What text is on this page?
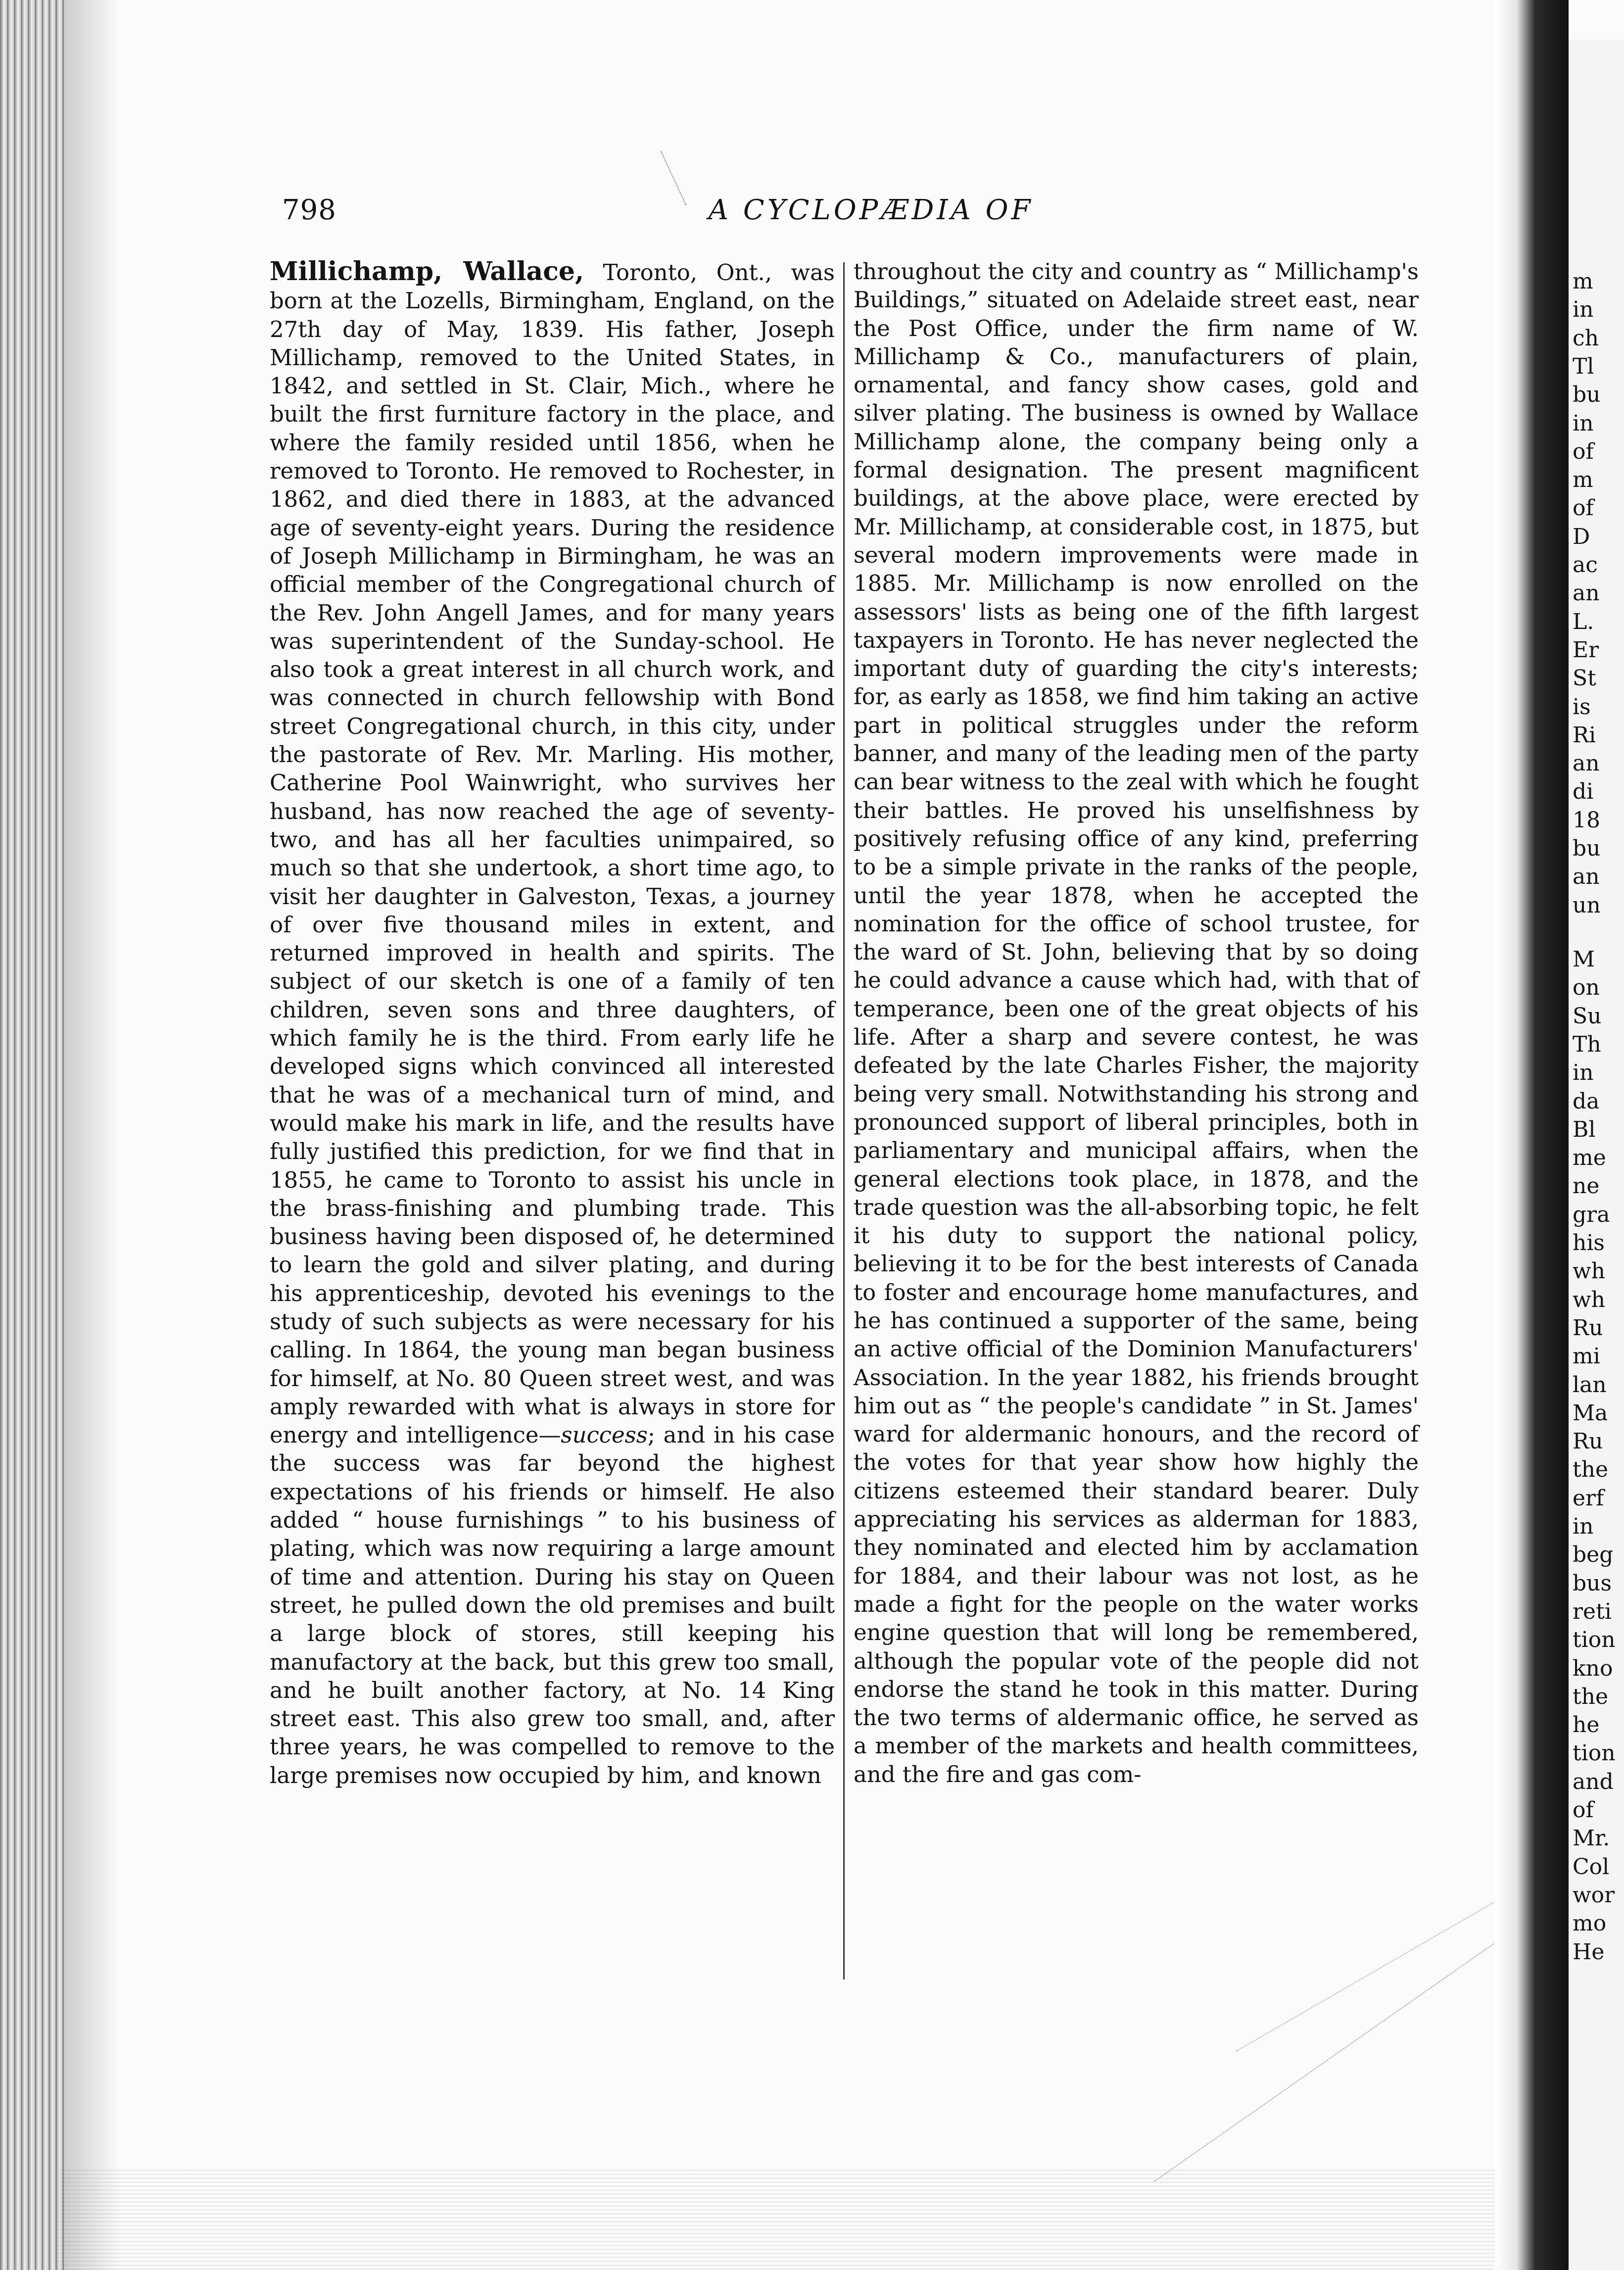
798	A CYCLOPÆDIA OF

Millichamp, Wallace, Toronto, Ont., was born at the Lozells, Birmingham, England, on the 27th day of May, 1839. His father, Joseph Millichamp, removed to the United States, in 1842, and settled in St. Clair, Mich., where he built the first furniture factory in the place, and where the family resided until 1856, when he removed to Toronto. He removed to Rochester, in 1862, and died there in 1883, at the advanced age of seventy-eight years. During the residence of Joseph Millichamp in Birmingham, he was an official member of the Congregational church of the Rev. John Angell James, and for many years was superintendent of the Sunday-school. He also took a great interest in all church work, and was connected in church fellowship with Bond street Congregational church, in this city, under the pastorate of Rev. Mr. Marling. His mother, Catherine Pool Wainwright, who survives her husband, has now reached the age of seventy-two, and has all her faculties unimpaired, so much so that she undertook, a short time ago, to visit her daughter in Galveston, Texas, a journey of over five thousand miles in extent, and returned improved in health and spirits. The subject of our sketch is one of a family of ten children, seven sons and three daughters, of which family he is the third. From early life he developed signs which convinced all interested that he was of a mechanical turn of mind, and would make his mark in life, and the results have fully justified this prediction, for we find that in 1855, he came to Toronto to assist his uncle in the brass-finishing and plumbing trade. This business having been disposed of, he determined to learn the gold and silver plating, and during his apprenticeship, devoted his evenings to the study of such subjects as were necessary for his calling. In 1864, the young man began business for himself, at No. 80 Queen street west, and was amply rewarded with what is always in store for energy and intelligence—success; and in his case the success was far beyond the highest expectations of his friends or himself. He also added “ house furnishings ” to his business of plating, which was now requiring a large amount of time and attention. During his stay on Queen street, he pulled down the old premises and built a large block of stores, still keeping his manufactory at the back, but this grew too small, and he built another factory, at No. 14 King street east. This also grew too small, and, after three years, he was compelled to remove to the large premises now occupied by him, and known

throughout the city and country as “ Millichamp's Buildings,” situated on Adelaide street east, near the Post Office, under the firm name of W. Millichamp & Co., manufacturers of plain, ornamental, and fancy show cases, gold and silver plating. The business is owned by Wallace Millichamp alone, the company being only a formal designation. The present magnificent buildings, at the above place, were erected by Mr. Millichamp, at considerable cost, in 1875, but several modern improvements were made in 1885. Mr. Millichamp is now enrolled on the assessors' lists as being one of the fifth largest taxpayers in Toronto. He has never neglected the important duty of guarding the city's interests; for, as early as 1858, we find him taking an active part in political struggles under the reform banner, and many of the leading men of the party can bear witness to the zeal with which he fought their battles. He proved his unselfishness by positively refusing office of any kind, preferring to be a simple private in the ranks of the people, until the year 1878, when he accepted the nomination for the office of school trustee, for the ward of St. John, believing that by so doing he could advance a cause which had, with that of temperance, been one of the great objects of his life. After a sharp and severe contest, he was defeated by the late Charles Fisher, the majority being very small. Notwithstanding his strong and pronounced support of liberal principles, both in parliamentary and municipal affairs, when the general elections took place, in 1878, and the trade question was the all-absorbing topic, he felt it his duty to support the national policy, believing it to be for the best interests of Canada to foster and encourage home manufactures, and he has continued a supporter of the same, being an active official of the Dominion Manufacturers' Association. In the year 1882, his friends brought him out as “ the people's candidate ” in St. James' ward for aldermanic honours, and the record of the votes for that year show how highly the citizens esteemed their standard bearer. Duly appreciating his services as alderman for 1883, they nominated and elected him by acclamation for 1884, and their labour was not lost, as he made a fight for the people on the water works engine question that will long be remembered, although the popular vote of the people did not endorse the stand he took in this matter. During the two terms of aldermanic office, he served as a member of the markets and health committees, and the fire and gas com-

m
in
ch
Tl
bu
in
of
m
of
D
ac
an
L.
Er
St
is
Ri
an
di
18
bu
an
un
M
on
Su
Th
in
da
Bl
me
ne
gra
his
wh
wh
Ru
mi
lan
Ma
Ru
the
erf
in
beg
bus
reti
tion
kno
the
he
tion
and
of
Mr.
Col
wor
mo
He
